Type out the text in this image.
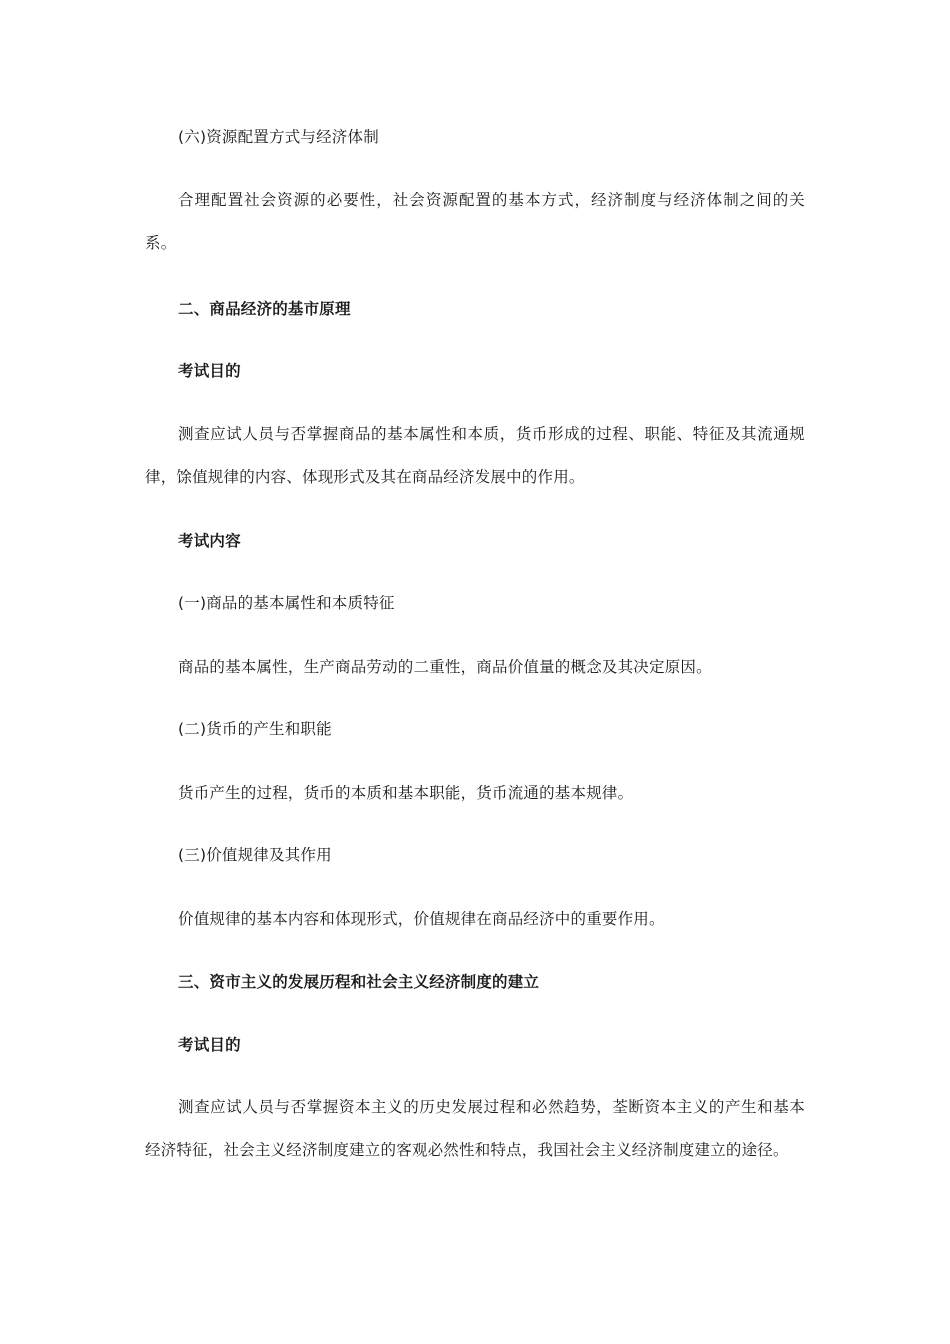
(六)资源配置方式与经济体制

合理配置社会资源的必要性，社会资源配置的基本方式，经济制度与经济体制之间的关系。

二、商品经济的基市原理

考试目的

测查应试人员与否掌握商品的基本属性和本质，货币形成的过程、职能、特征及其流通规律，馀值规律的内容、体现形式及其在商品经济发展中的作用。

考试内容

(一)商品的基本属性和本质特征

商品的基本属性，生产商品劳动的二重性，商品价值量的概念及其决定原因。

(二)货币的产生和职能

货币产生的过程，货币的本质和基本职能，货币流通的基本规律。

(三)价值规律及其作用

价值规律的基本内容和体现形式，价值规律在商品经济中的重要作用。

三、资市主义的发展历程和社会主义经济制度的建立

考试目的

测查应试人员与否掌握资本主义的历史发展过程和必然趋势，荃断资本主义的产生和基本经济特征，社会主义经济制度建立的客观必然性和特点，我国社会主义经济制度建立的途径。
